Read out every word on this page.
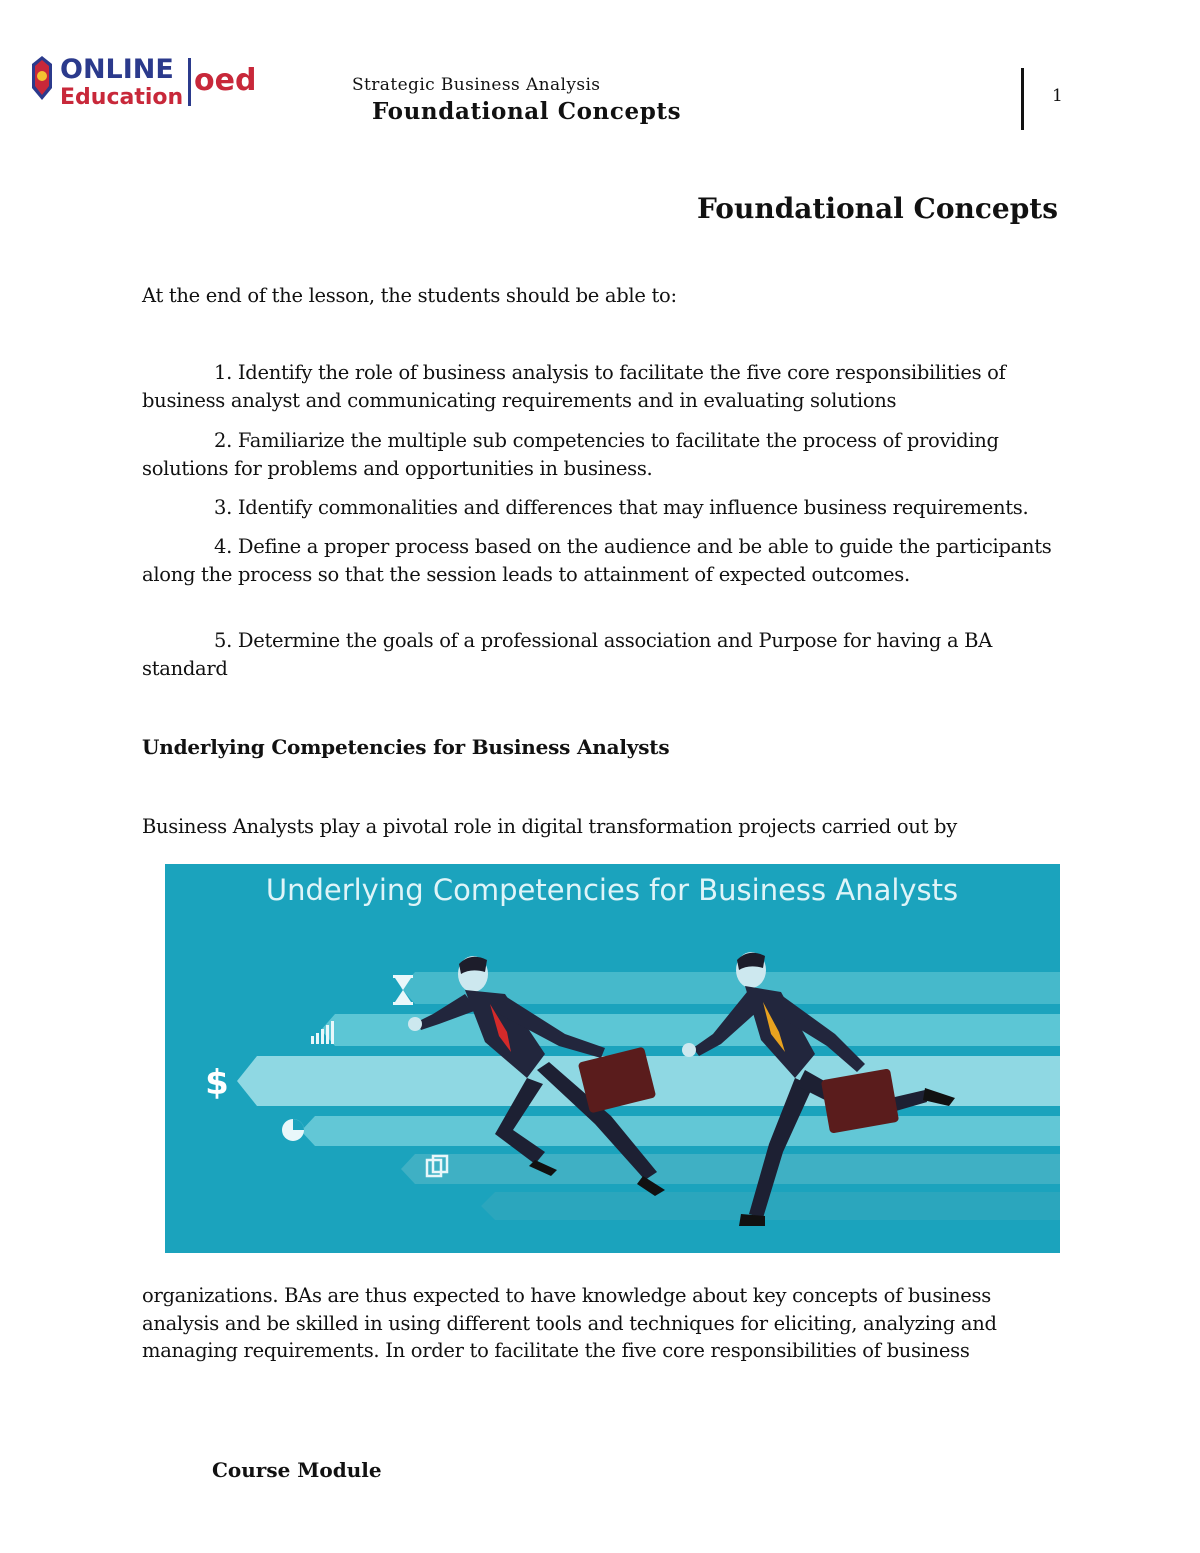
ONLINE
Education oed	Strategic Business Analysis
Foundational Concepts
1
Foundational Concepts
At the end of the lesson, the students should be able to:
1. Identify the role of business analysis to facilitate the five core responsibilities of business analyst and communicating requirements and in evaluating solutions
2. Familiarize the multiple sub competencies to facilitate the process of providing solutions for problems and opportunities in business.
3. Identify commonalities and differences that may influence business requirements.
4. Define a proper process based on the audience and be able to guide the participants along the process so that the session leads to attainment of expected outcomes.
5. Determine the goals of a professional association and Purpose for having a BA standard
Underlying Competencies for Business Analysts
Business Analysts play a pivotal role in digital transformation projects carried out by
Underlying Competencies for Business Analysts
$
organizations. BAs are thus expected to have knowledge about key concepts of business analysis and be skilled in using different tools and techniques for eliciting, analyzing and managing requirements. In order to facilitate the five core responsibilities of business
Course Module
